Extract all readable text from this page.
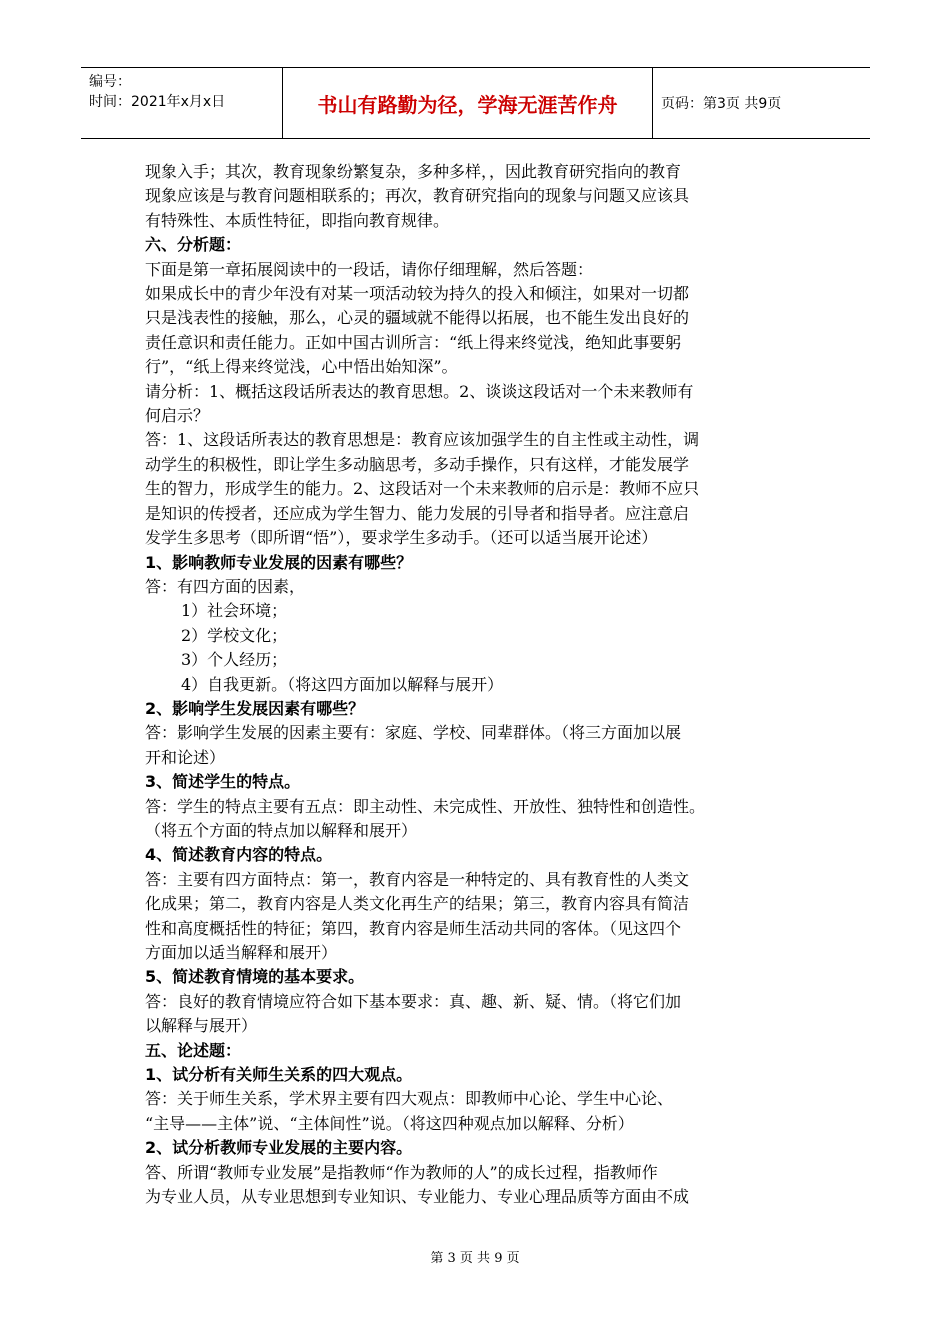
编号：
时间：2021年x月x日	书山有路勤为径，学海无涯苦作舟	页码：第3页 共9页

现象入手；其次，教育现象纷繁复杂，多种多样，，因此教育研究指向的教育

现象应该是与教育问题相联系的；再次，教育研究指向的现象与问题又应该具

有特殊性、本质性特征，即指向教育规律。

六、分析题：

下面是第一章拓展阅读中的一段话，请你仔细理解，然后答题：

如果成长中的青少年没有对某一项活动较为持久的投入和倾注，如果对一切都

只是浅表性的接触，那么，心灵的疆域就不能得以拓展，也不能生发出良好的

责任意识和责任能力。正如中国古训所言：“纸上得来终觉浅，绝知此事要躬

行”，“纸上得来终觉浅，心中悟出始知深”。

请分析：1、概括这段话所表达的教育思想。2、谈谈这段话对一个未来教师有

何启示？

答：1、这段话所表达的教育思想是：教育应该加强学生的自主性或主动性，调

动学生的积极性，即让学生多动脑思考，多动手操作，只有这样，才能发展学

生的智力，形成学生的能力。2、这段话对一个未来教师的启示是：教师不应只

是知识的传授者，还应成为学生智力、能力发展的引导者和指导者。应注意启

发学生多思考（即所谓“悟”），要求学生多动手。（还可以适当展开论述）

1、影响教师专业发展的因素有哪些？

答：有四方面的因素，

1）社会环境；

2）学校文化；

3）个人经历；

4）自我更新。（将这四方面加以解释与展开）

2、影响学生发展因素有哪些？

答：影响学生发展的因素主要有：家庭、学校、同辈群体。（将三方面加以展

开和论述）

3、简述学生的特点。

答：学生的特点主要有五点：即主动性、未完成性、开放性、独特性和创造性。

（将五个方面的特点加以解释和展开）

4、简述教育内容的特点。

答：主要有四方面特点：第一，教育内容是一种特定的、具有教育性的人类文

化成果；第二，教育内容是人类文化再生产的结果；第三，教育内容具有简洁

性和高度概括性的特征；第四，教育内容是师生活动共同的客体。（见这四个

方面加以适当解释和展开）

5、简述教育情境的基本要求。

答：良好的教育情境应符合如下基本要求：真、趣、新、疑、情。（将它们加

以解释与展开）

五、论述题：

1、试分析有关师生关系的四大观点。

答：关于师生关系，学术界主要有四大观点：即教师中心论、学生中心论、

“主导——主体”说、“主体间性”说。（将这四种观点加以解释、分析）

2、试分析教师专业发展的主要内容。

答、所谓“教师专业发展”是指教师“作为教师的人”的成长过程，指教师作

为专业人员，从专业思想到专业知识、专业能力、专业心理品质等方面由不成

第 3 页 共 9 页
